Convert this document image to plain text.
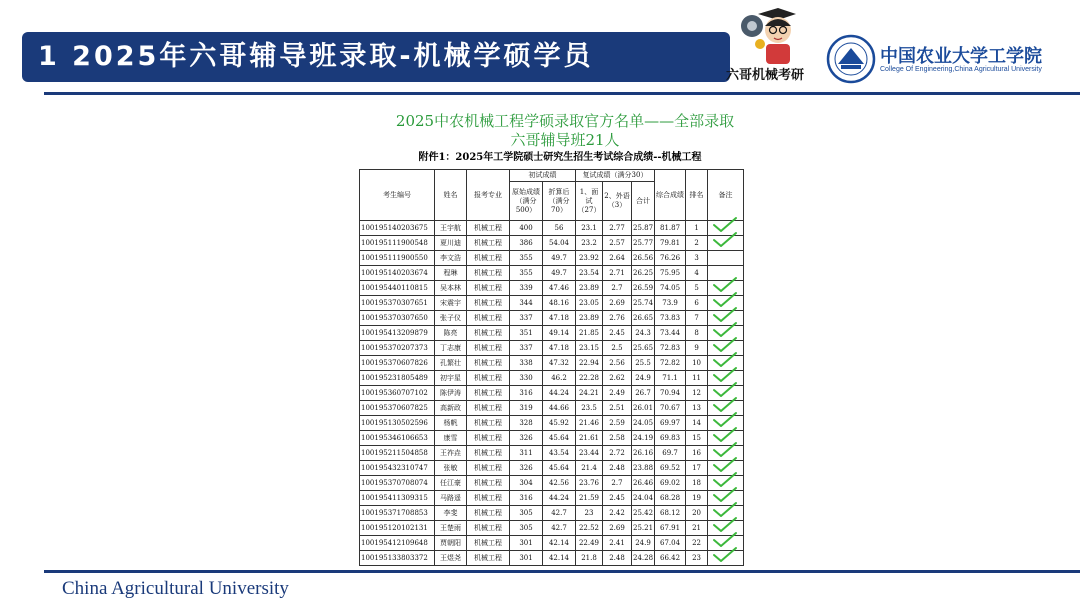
1 2025年六哥辅导班录取-机械学硕学员
六哥机械考研
中国农业大学工学院
College Of Engineering,China Agricultural University
2025中农机械工程学硕录取官方名单——全部录取
六哥辅导班21人
附件1：2025年工学院硕士研究生招生考试综合成绩--机械工程
考生编号	姓名	报考专业	初试成绩		复试成绩（满分30）			综合成绩	排名	备注
			原始成绩（满分500）	折算后（满分70）	1、面试（27）	2、外语（3）	合计			
100195140203675	王宇航	机械工程	400	56	23.1	2.77	25.87	81.87	1	

100195111900548	夏川迪	机械工程	386	54.04	23.2	2.57	25.77	79.81	2	

100195111900550	李文浩	机械工程	355	49.7	23.92	2.64	26.56	76.26	3	
100195140203674	程琳	机械工程	355	49.7	23.54	2.71	26.25	75.95	4	
100195440110815	吴本林	机械工程	339	47.46	23.89	2.7	26.59	74.05	5	

100195370307651	宋震宇	机械工程	344	48.16	23.05	2.69	25.74	73.9	6	

100195370307650	张子仪	机械工程	337	47.18	23.89	2.76	26.65	73.83	7	

100195413209879	陈亮	机械工程	351	49.14	21.85	2.45	24.3	73.44	8	

100195370207373	丁志康	机械工程	337	47.18	23.15	2.5	25.65	72.83	9	

100195370607826	孔繁壮	机械工程	338	47.32	22.94	2.56	25.5	72.82	10	

100195231805489	初宇星	机械工程	330	46.2	22.28	2.62	24.9	71.1	11	

100195360707102	陈伊涛	机械工程	316	44.24	24.21	2.49	26.7	70.94	12	

100195370607825	高新政	机械工程	319	44.66	23.5	2.51	26.01	70.67	13	

100195130502596	杨帆	机械工程	328	45.92	21.46	2.59	24.05	69.97	14	

100195346106653	康雪	机械工程	326	45.64	21.61	2.58	24.19	69.83	15	

100195211504858	王祚垚	机械工程	311	43.54	23.44	2.72	26.16	69.7	16	

100195432310747	张敏	机械工程	326	45.64	21.4	2.48	23.88	69.52	17	

100195370708074	任江豪	机械工程	304	42.56	23.76	2.7	26.46	69.02	18	

100195411309315	马路遥	机械工程	316	44.24	21.59	2.45	24.04	68.28	19	

100195371708853	李斐	机械工程	305	42.7	23	2.42	25.42	68.12	20	

100195120102131	王楚雨	机械工程	305	42.7	22.52	2.69	25.21	67.91	21	

100195412109648	贾朝阳	机械工程	301	42.14	22.49	2.41	24.9	67.04	22	

100195133803372	王煜尧	机械工程	301	42.14	21.8	2.48	24.28	66.42	23	
China Agricultural University
